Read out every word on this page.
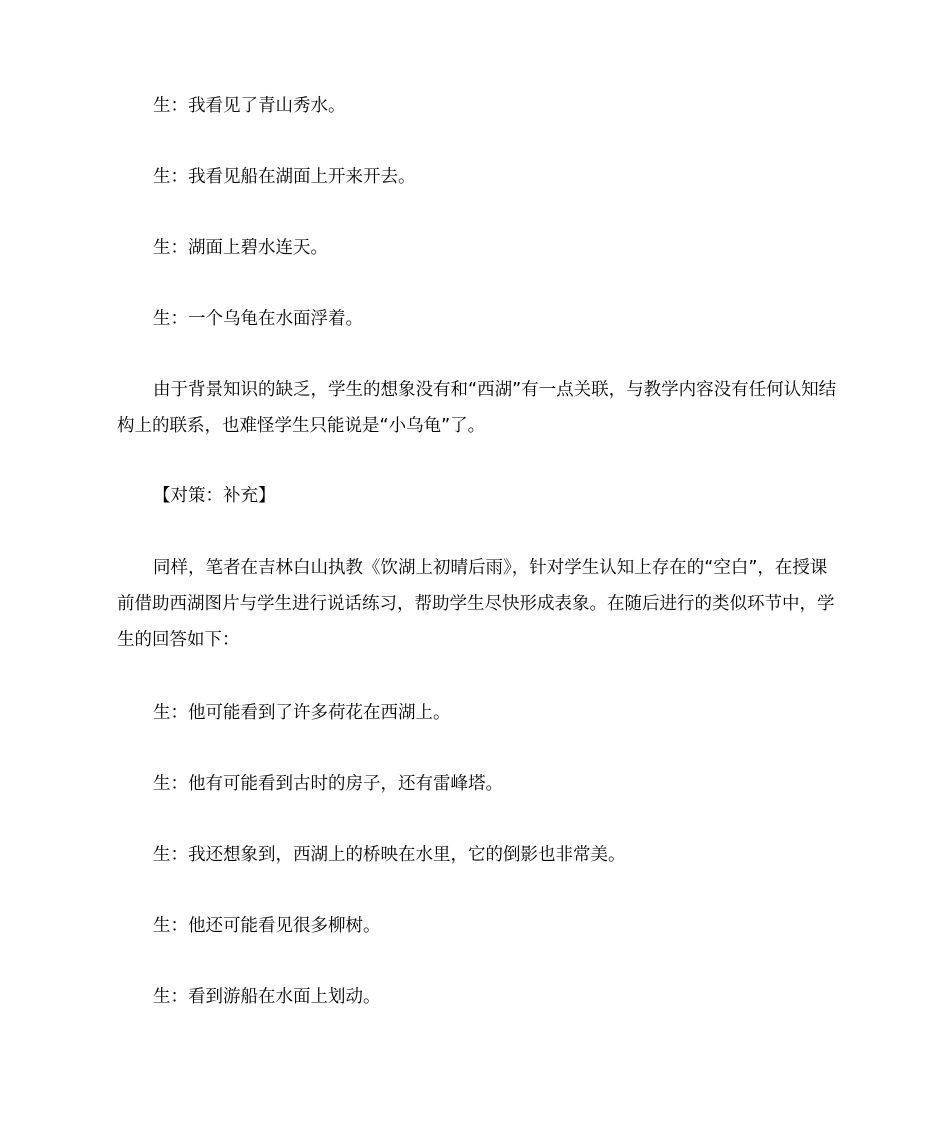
生：我看见了青山秀水。

生：我看见船在湖面上开来开去。

生：湖面上碧水连天。

生：一个乌龟在水面浮着。

由于背景知识的缺乏，学生的想象没有和“西湖”有一点关联，与教学内容没有任何认知结构上的联系，也难怪学生只能说是“小乌龟”了。

【对策：补充】

同样，笔者在吉林白山执教《饮湖上初晴后雨》，针对学生认知上存在的“空白”，在授课前借助西湖图片与学生进行说话练习，帮助学生尽快形成表象。在随后进行的类似环节中，学生的回答如下：

生：他可能看到了许多荷花在西湖上。

生：他有可能看到古时的房子，还有雷峰塔。

生：我还想象到，西湖上的桥映在水里，它的倒影也非常美。

生：他还可能看见很多柳树。

生：看到游船在水面上划动。
